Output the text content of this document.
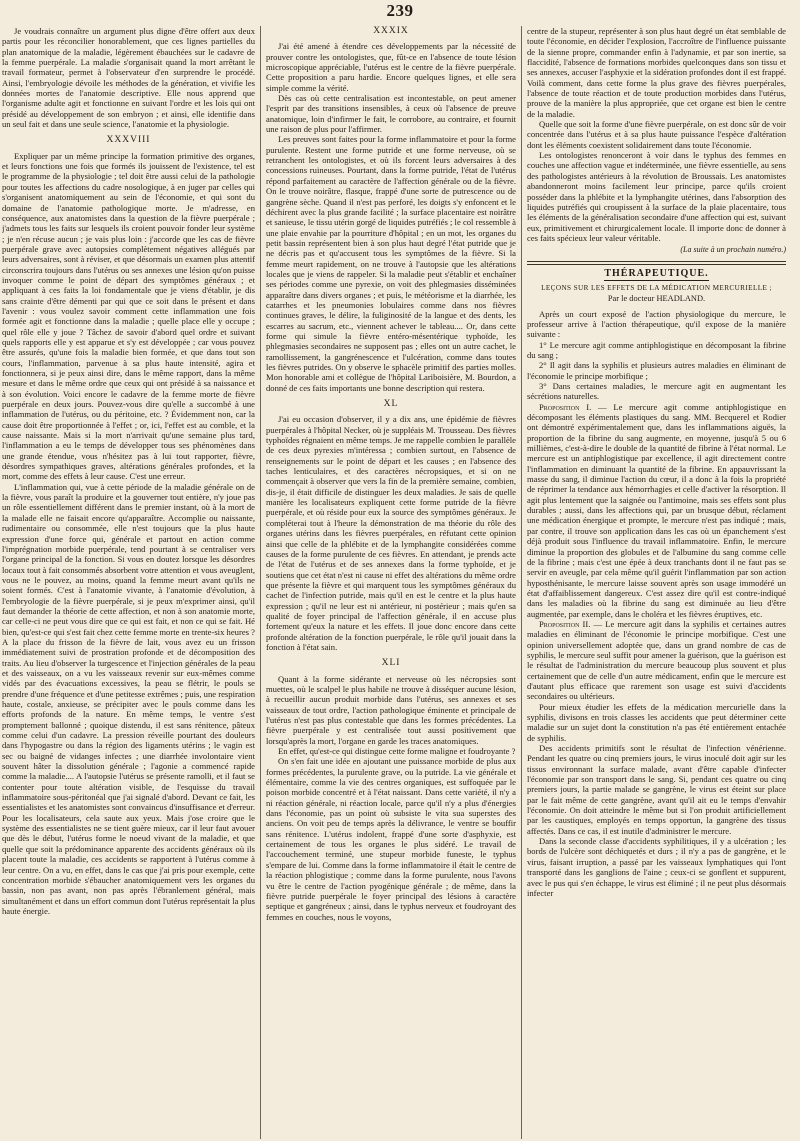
239

Je voudrais connaître un argument plus digne d'être offert aux deux partis pour les réconcilier honorablement, que ces lignes partielles du plan anatomique de la maladie, légèrement ébauchées sur le cadavre de la femme puerpérale. La maladie s'organisait quand la mort arrêtant le travail formateur, permet à l'observateur d'en surprendre le procédé. Ainsi, l'embryologie dévoile les méthodes de la génération, et vivifie les données mortes de l'anatomie descriptive. Elle nous apprend que l'organisme adulte agit et fonctionne en suivant l'ordre et les lois qui ont présidé au développement de son embryon ; et ainsi, elle identifie dans un seul fait et dans une seule science, l'anatomie et la physiologie.

XXXVIII

Expliquer par un même principe la formation primitive des organes, et leurs fonctions une fois que formés ils jouissent de l'existence, tel est le programme de la physiologie ; tel doit être aussi celui de la pathologie pour toutes les affections du cadre nosologique, à en juger par celles qui s'organisent anatomiquement au sein de l'économie, et qui sont du domaine de l'anatomie pathologique morte. Je m'adresse, en conséquence, aux anatomistes dans la question de la fièvre puerpérale ; j'admets tous les faits sur lesquels ils croient pouvoir fonder leur système ; je n'en récuse aucun ; je vais plus loin : j'accorde que les cas de fièvre puerpérale grave avec autopsies complètement négatives allégués par leurs adversaires, sont à réviser, et que désormais un examen plus attentif circonscrira toujours dans l'utérus ou ses annexes une lésion qu'on puisse invoquer comme le point de départ des symptômes généraux ; et appliquant à ces faits la loi fondamentale que je viens d'établir, je dis sans crainte d'être démenti par qui que ce soit dans le présent et dans l'avenir : vous voulez savoir comment cette inflammation une fois formée agit et fonctionne dans la maladie ; quelle place elle y occupe ; quel rôle elle y joue ? Tâchez de savoir d'abord quel ordre et suivant quels rapports elle y est apparue et s'y est développée ; car vous pouvez être assurés, qu'une fois la maladie bien formée, et que dans tout son cours, l'inflammation, parvenue à sa plus haute intensité, agira et fonctionnera, si je peux ainsi dire, dans le même rapport, dans la même mesure et dans le même ordre que ceux qui ont présidé à sa naissance et à son évolution. Voici encore le cadavre de la femme morte de fièvre puerpérale en deux jours. Pouvez-vous dire qu'elle a succombé à une inflammation de l'utérus, ou du péritoine, etc. ? Évidemment non, car la cause doit être proportionnée à l'effet ; or, ici, l'effet est au comble, et la cause naissante. Mais si la mort n'arrivait qu'une semaine plus tard, l'inflammation a eu le temps de développer tous ses phénomènes dans une grande étendue, vous n'hésitez pas à lui tout rapporter, fièvre, désordres sympathiques graves, altérations générales profondes, et la mort, comme des effets à leur cause. C'est une erreur.

L'inflammation qui, vue à cette période de la maladie générale on de la fièvre, vous paraît la produire et la gouverner tout entière, n'y joue pas un rôle essentiellement différent dans le premier instant, où à la mort de la malade elle ne faisait encore qu'apparaître. Accomplie ou naissante, rudimentaire ou consommée, elle n'est toujours que la plus haute expression d'une force qui, générale et partout en action comme l'imprégnation morbide puerpérale, tend pourtant à se centraliser vers l'organe principal de la fonction. Si vous en doutez lorsque les désordres locaux tout à fait consommés absorbent votre attention et vous aveuglent, vous ne le pouvez, au moins, quand la femme meurt avant qu'ils ne soient formés. C'est à l'anatomie vivante, à l'anatomie d'évolution, à l'embryologie de la fièvre puerpérale, si je peux m'exprimer ainsi, qu'il faut demander la théorie de cette affection, et non à son anatomie morte, car celle-ci ne peut vous dire que ce qui est fait, et non ce qui se fait. Hé bien, qu'est-ce qui s'est fait chez cette femme morte en trente-six heures ? A la place du frisson de la fièvre de lait, vous avez eu un frisson immédiatement suivi de prostration profonde et de décomposition des traits. Au lieu d'observer la turgescence et l'injection générales de la peau et des vaisseaux, on a vu les vaisseaux revenir sur eux-mêmes comme vidés par des évacuations excessives, la peau se flétrir, le pouls se prendre d'une fréquence et d'une petitesse extrêmes ; puis, une respiration haute, costale, anxieuse, se précipiter avec le pouls comme dans les efforts profonds de la nature. En même temps, le ventre s'est promptement ballonné ; quoique distendu, il est sans rénitence, pâteux comme celui d'un cadavre. La pression réveille pourtant des douleurs dans l'hypogastre ou dans la région des ligaments utérins ; le vagin est sec ou baigné de vidanges infectes ; une diarrhée involontaire vient souvent hâter la dissolution générale ; l'agonie a commencé rapide comme la maladie.... A l'autopsie l'utérus se présente ramolli, et il faut se contenter pour toute altération visible, de l'esquisse du travail inflammatoire sous-péritonéal que j'ai signalé d'abord. Devant ce fait, les essentialistes et les anatomistes sont convaincus d'insuffisance et d'erreur. Pour les localisateurs, cela saute aux yeux. Mais j'ose croire que le système des essentialistes ne se tient guère mieux, car il leur faut avouer que dès le début, l'utérus forme le noeud vivant de la maladie, et que quelle que soit la prédominance apparente des accidents généraux où ils placent toute la maladie, ces accidents se rapportent à l'utérus comme à leur centre. On a vu, en effet, dans le cas que j'ai pris pour exemple, cette concentration morbide s'ébaucher anatomiquement vers les organes du bassin, non pas avant, non pas après l'ébranlement général, mais simultanément et dans un effort commun dont l'utérus représentait la plus haute énergie.

XXXIX

J'ai été amené à étendre ces développements par la nécessité de prouver contre les ontologistes, que, fût-ce en l'absence de toute lésion microscopique appréciable, l'utérus est le centre de la fièvre puerpérale. Cette proposition a paru hardie. Encore quelques lignes, et elle sera simple comme la vérité.

Dès cas où cette centralisation est incontestable, on peut amener l'esprit par des transitions insensibles, à ceux où l'absence de preuve anatomique, loin d'infirmer le fait, le corrobore, au contraire, et fournit une raison de plus pour l'affirmer.

Les preuves sont faites pour la forme inflammatoire et pour la forme purulente. Restent une forme putride et une forme nerveuse, où se retranchent les ontologistes, et où ils forcent leurs adversaires à des concessions ruineuses. Pourtant, dans la forme putride, l'état de l'utérus répond parfaitement au caractère de l'affection générale ou de la fièvre. On le trouve noirâtre, flasque, frappé d'une sorte de putrescence ou de gangrène sèche. Quand il n'est pas perforé, les doigts s'y enfoncent et le déchirent avec la plus grande facilité ; la surface placentaire est noirâtre et sanieuse, le tissu utérin gorgé de liquides putréfiés ; le col ressemble à une plaie envahie par la pourriture d'hôpital ; en un mot, les organes du petit bassin représentent bien à son plus haut degré l'état putride que je ne décris pas et qu'accusent tous les symptômes de la fièvre. Si la femme meurt rapidement, on ne trouve à l'autopsie que les altérations locales que je viens de rappeler. Si la maladie peut s'établir et enchaîner ses périodes comme une pyrexie, on voit des phlegmasies disséminées apparaître dans divers organes ; et puis, le météorisme et la diarrhée, les catarrhes et les pneumonies lobulaires comme dans nos fièvres continues graves, le délire, la fuliginosité de la langue et des dents, les escarres au sacrum, etc., viennent achever le tableau.... Or, dans cette forme qui simule la fièvre entéro-mésentérique typhoïde, les phlegmasies secondaires ne supposent pas ; elles ont un autre cachet, le ramollissement, la gangrénescence et l'ulcération, comme dans toutes les fièvres putrides. On y observe le sphacèle primitif des parties molles. Mon honorable ami et collègue de l'hôpital Lariboisière, M. Bourdon, a donné de ces faits importants une bonne description qui restera.

XL

J'ai eu occasion d'observer, il y a dix ans, une épidémie de fièvres puerpérales à l'hôpital Necker, où je suppléais M. Trousseau. Des fièvres typhoïdes régnaient en même temps. Je me rappelle combien le parallèle de ces deux pyrexies m'intéressa ; combien surtout, en l'absence de renseignements sur le point de départ et les causes ; en l'absence des taches lenticulaires, et des caractères nécropsiques, et si on ne commençait à observer que vers la fin de la première semaine, combien, dis-je, il était difficile de distinguer les deux maladies. Je sais de quelle manière les localisateurs expliquent cette forme putride de la fièvre puerpérale, et où réside pour eux la source des symptômes généraux. Je compléterai tout à l'heure la démonstration de ma théorie du rôle des organes utérins dans les fièvres puerpérales, en réfutant cette opinion ainsi que celle de la phlébite et de la lymphangite considérées comme causes de la forme purulente de ces fièvres. En attendant, je prends acte de l'état de l'utérus et de ses annexes dans la forme typhoïde, et je soutiens que cet état n'est ni cause ni effet des altérations du même ordre que présente la fièvre et qui marquent tous les symptômes généraux du cachet de l'infection putride, mais qu'il en est le centre et la plus haute expression ; qu'il ne leur est ni antérieur, ni postérieur ; mais qu'en sa qualité de foyer principal de l'affection générale, il en accuse plus fortement qu'eux la nature et les effets. Il joue donc encore dans cette profonde altération de la fonction puerpérale, le rôle qu'il jouait dans la fonction à l'état sain.

XLI

Quant à la forme sidérante et nerveuse où les nécropsies sont muettes, où le scalpel le plus habile ne trouve à disséquer aucune lésion, à recueillir aucun produit morbide dans l'utérus, ses annexes et ses vaisseaux de tout ordre, l'action pathologique éminente et principale de l'utérus n'est pas plus contestable que dans les formes précédentes. La fièvre puerpérale y est centralisée tout aussi positivement que lorsqu'après la mort, l'organe en garde les traces anatomiques.

En effet, qu'est-ce qui distingue cette forme maligne et foudroyante ?

On s'en fait une idée en ajoutant une puissance morbide de plus aux formes précédentes, la purulente grave, ou la putride. La vie générale et élémentaire, comme la vie des centres organiques, est suffoquée par le poison morbide concentré et à l'état naissant. Dans cette variété, il n'y a ni réaction générale, ni réaction locale, parce qu'il n'y a plus d'énergies dans l'économie, pas un point où subsiste le vita sua superstes des anciens. On voit peu de temps après la délivrance, le ventre se bouffir sans rénitence. L'utérus indolent, frappé d'une sorte d'asphyxie, est certainement de tous les organes le plus sidéré. Le travail de l'accouchement terminé, une stupeur morbide funeste, le typhus s'empare de lui. Comme dans la forme inflammatoire il était le centre de la réaction phlogistique ; comme dans la forme purulente, nous l'avons vu être le centre de l'action pyogénique générale ; de même, dans la fièvre putride puerpérale le foyer principal des lésions à caractère septique et gangréneux ; ainsi, dans le typhus nerveux et foudroyant des femmes en couches, nous le voyons,

centre de la stupeur, représenter à son plus haut degré un état semblable de toute l'économie, en décider l'explosion, l'accroître de l'influence puissante de la sienne propre, commander enfin à l'adynamie, et par son inertie, sa flaccidité, l'absence de formations morbides quelconques dans son tissu et ses annexes, accuser l'asphyxie et la sidération profondes dont il est frappé. Voilà comment, dans cette forme la plus grave des fièvres puerpérales, l'absence de toute réaction et de toute production morbides dans l'utérus, prouve de la manière la plus appropriée, que cet organe est bien le centre de la maladie.

Quelle que soit la forme d'une fièvre puerpérale, on est donc sûr de voir concentrée dans l'utérus et à sa plus haute puissance l'espèce d'altération dont les éléments coexistent solidairement dans toute l'économie.

Les ontologistes renonceront à voir dans le typhus des femmes en couches une affection vague et indéterminée, une fièvre essentielle, au sens des pathologistes antérieurs à la révolution de Broussais. Les anatomistes abandonneront moins facilement leur principe, parce qu'ils croient posséder dans la phlébite et la lymphangite utérines, dans l'absorption des liquides putréfiés qui croupissent à la surface de la plaie placentaire, tous les éléments de la généralisation secondaire d'une affection qui est, suivant eux, primitivement et chirurgicalement locale. Il importe donc de donner à ces faits spécieux leur valeur véritable.

(La suite à un prochain numéro.)
THÉRAPEUTIQUE.
LEÇONS SUR LES EFFETS DE LA MÉDICATION MERCURIELLE ;
Par le docteur HEADLAND.

Après un court exposé de l'action physiologique du mercure, le professeur arrive à l'action thérapeutique, qu'il expose de la manière suivante :

1° Le mercure agit comme antiphlogistique en décomposant la fibrine du sang ;

2° Il agit dans la syphilis et plusieurs autres maladies en éliminant de l'économie le principe morbifique ;

3° Dans certaines maladies, le mercure agit en augmentant les sécrétions naturelles.

Proposition I. — Le mercure agit comme antiphlogistique en décomposant les éléments plastiques du sang. MM. Becquerel et Rodier ont démontré expérimentalement que, dans les inflammations aiguës, la proportion de la fibrine du sang augmente, en moyenne, jusqu'à 5 ou 6 millièmes, c'est-à-dire le double de la quantité de fibrine à l'état normal. Le mercure est un antiphlogistique par excellence, il agit directement contre l'inflammation en diminuant la quantité de la fibrine. En appauvrissant la masse du sang, il diminue l'action du cœur, il a donc à la fois la propriété de réprimer la tendance aux hémorrhagies et celle d'activer la résorption. Il agit plus lentement que la saignée ou l'antimoine, mais ses effets sont plus durables ; aussi, dans les affections qui, par un brusque début, réclament une médication énergique et prompte, le mercure n'est pas indiqué ; mais, par contre, il trouve son application dans les cas où un épanchement s'est déjà produit sous l'influence du travail inflammatoire. Enfin, le mercure diminue la proportion des globules et de l'albumine du sang comme celle de la fibrine ; mais c'est une épée à deux tranchants dont il ne faut pas se servir en aveugle, par cela même qu'il guérit l'inflammation par son action hyposthénisante, le mercure laisse souvent après son usage immodéré un état d'affaiblissement dangereux. C'est assez dire qu'il est contre-indiqué dans les maladies où la fibrine du sang est diminuée au lieu d'être augmentée, par exemple, dans le choléra et les fièvres éruptives, etc.

Proposition II. — Le mercure agit dans la syphilis et certaines autres maladies en éliminant de l'économie le principe morbifique. C'est une opinion universellement adoptée que, dans un grand nombre de cas de syphilis, le mercure seul suffit pour amener la guérison, que la guérison est le résultat de l'administration du mercure beaucoup plus souvent et plus certainement que de celle d'un autre médicament, enfin que le mercure est d'autant plus efficace que rarement son usage est suivi d'accidents secondaires ou ultérieurs.

Pour mieux étudier les effets de la médication mercurielle dans la syphilis, divisons en trois classes les accidents que peut déterminer cette maladie sur un sujet dont la constitution n'a pas été entièrement entachée de syphilis.

Des accidents primitifs sont le résultat de l'infection vénérienne. Pendant les quatre ou cinq premiers jours, le virus inoculé doit agir sur les tissus environnant la surface malade, avant d'être capable d'infecter l'économie par son transport dans le sang. Si, pendant ces quatre ou cinq premiers jours, la partie malade se gangrène, le virus est éteint sur place par le fait même de cette gangrène, avant qu'il ait eu le temps d'envahir l'économie. On doit atteindre le même but si l'on produit artificiellement par les caustiques, employés en temps opportun, la gangrène des tissus affectés. Dans ce cas, il est inutile d'administrer le mercure.

Dans la seconde classe d'accidents syphilitiques, il y a ulcération ; les bords de l'ulcère sont déchiquetés et durs ; il n'y a pas de gangrène, et le virus, faisant irruption, a passé par les vaisseaux lymphatiques qui l'ont transporté dans les ganglions de l'aine ; ceux-ci se gonflent et suppurent, avec le pus qui s'en échappe, le virus est éliminé ; il ne peut plus désormais infecter
